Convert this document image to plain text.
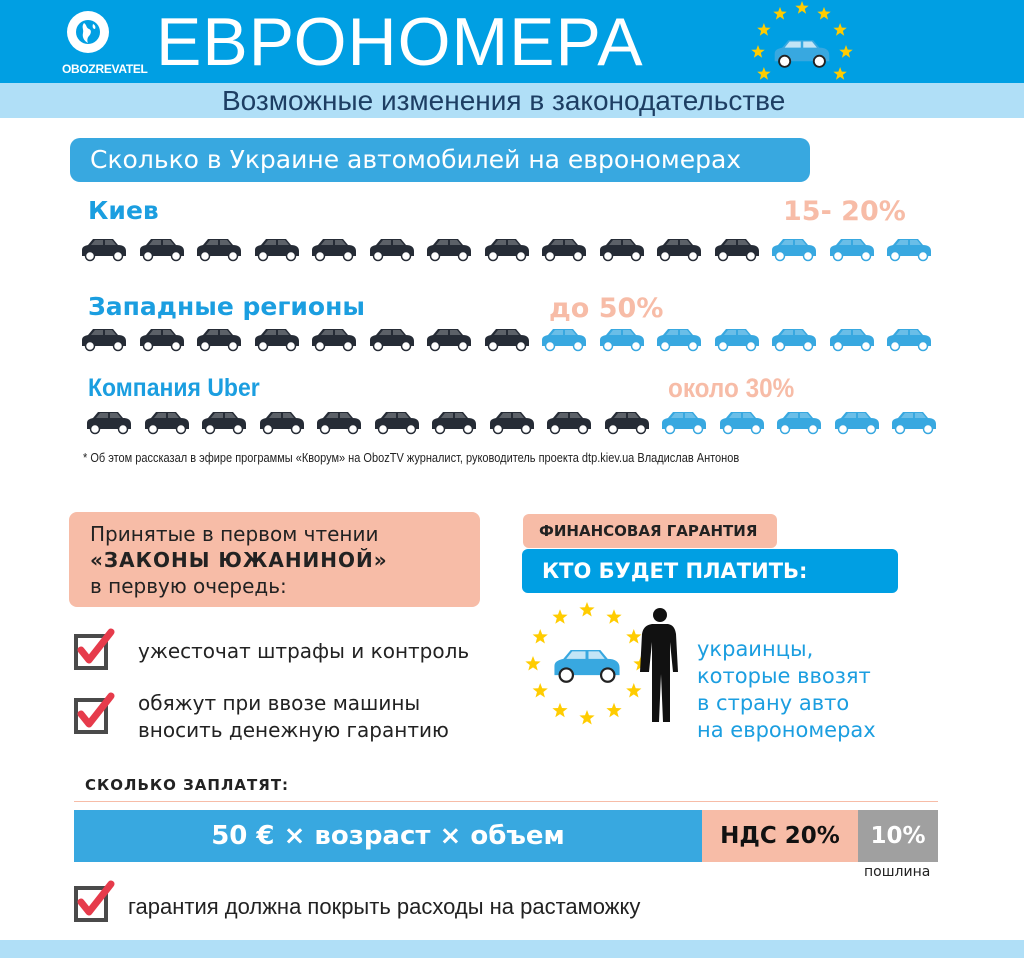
OBOZREVATEL ЕВРОНОМЕРА
Возможные изменения в законодательстве
Сколько в Украине автомобилей на еврономерах
Киев	15- 20%
Западные регионы	до 50%
Компания Uber	около 30%
* Об этом рассказал в эфире программы «Кворум» на ObozTV журналист, руководитель проекта dtp.kiev.ua Владислав Антонов
Принятые в первом чтении
«ЗАКОНЫ ЮЖАНИНОЙ»
в первую очередь:
ужесточат штрафы и контроль
обяжут при ввозе машины
вносить денежную гарантию
ФИНАНСОВАЯ ГАРАНТИЯ
КТО БУДЕТ ПЛАТИТЬ:
украинцы,
которые ввозят
в страну авто
на еврономерах
СКОЛЬКО ЗАПЛАТЯТ:
50 € × возраст × объем	НДС 20%	10%
пошлина
гарантия должна покрыть расходы на растаможку
